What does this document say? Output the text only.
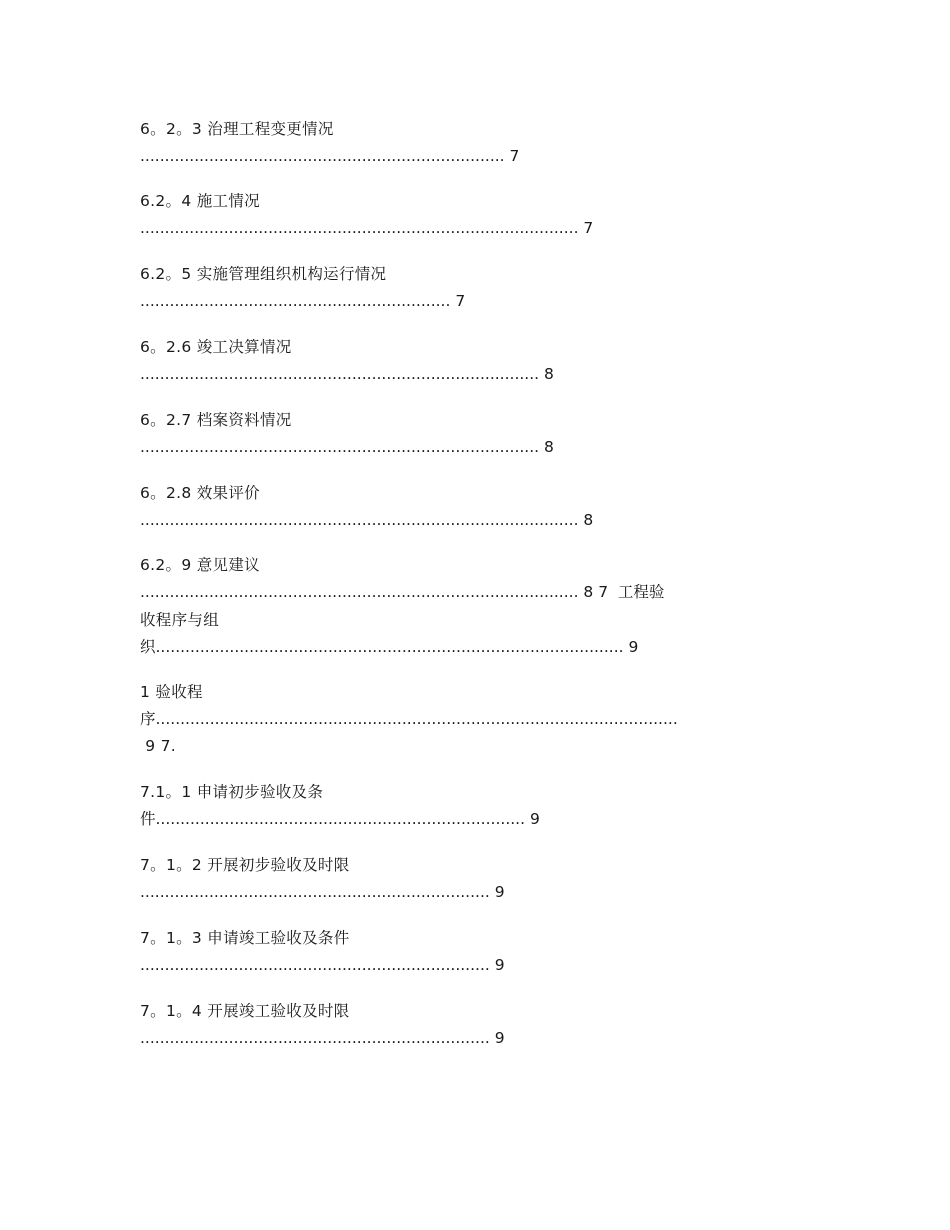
6。2。3 治理工程变更情况
.......................................................................... 7
6.2。4 施工情况
......................................................................................... 7
6.2。5 实施管理组织机构运行情况
............................................................... 7
6。2.6 竣工决算情况
................................................................................. 8
6。2.7 档案资料情况
................................................................................. 8
6。2.8 效果评价
......................................................................................... 8
6.2。9 意见建议
......................................................................................... 8 7  工程验
收程序与组
织............................................................................................... 9
1 验收程
序..........................................................................................................
9 7.
7.1。1 申请初步验收及条
件........................................................................... 9
7。1。2 开展初步验收及时限
....................................................................... 9
7。1。3 申请竣工验收及条件
....................................................................... 9
7。1。4 开展竣工验收及时限
....................................................................... 9
